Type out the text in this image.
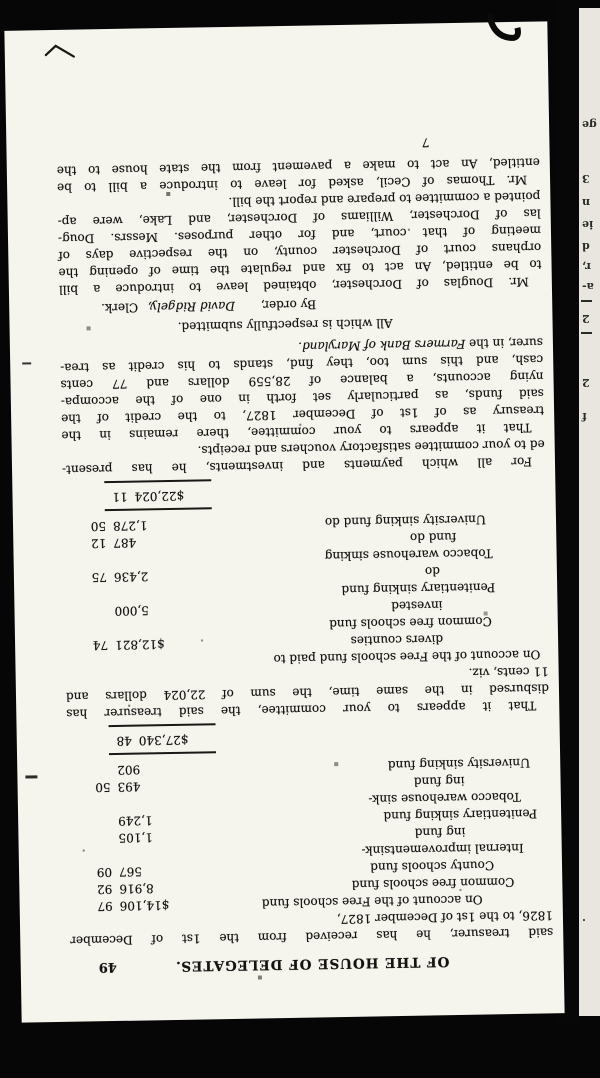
ge
3
n
ie
d
r,
a-
2
2
f
.
OF THE HOUSE OF DELEGATES.
49
said treasurer, he has received from the 1st of December
1826, to the 1st of December 1827,
On account of the Free schools fund
$14,10697
Common free schools fund
8,91692
County schools fund
56709
Internal improvementsink-
ing fund
1,105
Penitentiary sinking fund
1,249
Tobacco warehouse sink-
ing fund
49350
University sinking fund
902
$27,34048
That it appears to your committee, the said treasurer has
disbursed in the same time, the sum of 22,024 dollars and
11 cents, viz.
On account of the Free schools fund paid to
divers counties
$12,82174
Common free schools fund
invested
5,000
Penitentiary sinking fund
do
2,43675
Tobacco warehouse sinking
fund do
48712
University sinking fund do
1,27850
$22,02411
For all which payments and investments, he has present-
ed to your committee satisfactory vouchers and receipts.
That it appears to your committee, there remains in the
treasury as of 1st of December 1827, to the credit of the
said funds, as particularly set forth in one of the accompa-
nying accounts, a balance of 28,559 dollars and 77 cents
cash, and this sum too, they find, stands to his credit as trea-
surer, in the Farmers Bank of Maryland.
All which is respectfully submitted.
By order, David Ridgely, Clerk.
Mr. Douglas of Dorchester, obtained leave to introduce a bill
to be entitled, An act to fix and regulate the time of opening the
orphans court of Dorchester county, on the respective days of
meeting of that court, and for other purposes. Messrs. Doug-
las of Dorchester, Williams of Dorchester, and Lake, were ap-
pointed a committee to prepare and report the bill.
Mr. Thomas of Cecil, asked for leave to introduce a bill to be
entitled, An act to make a pavement from the state house to the
7
